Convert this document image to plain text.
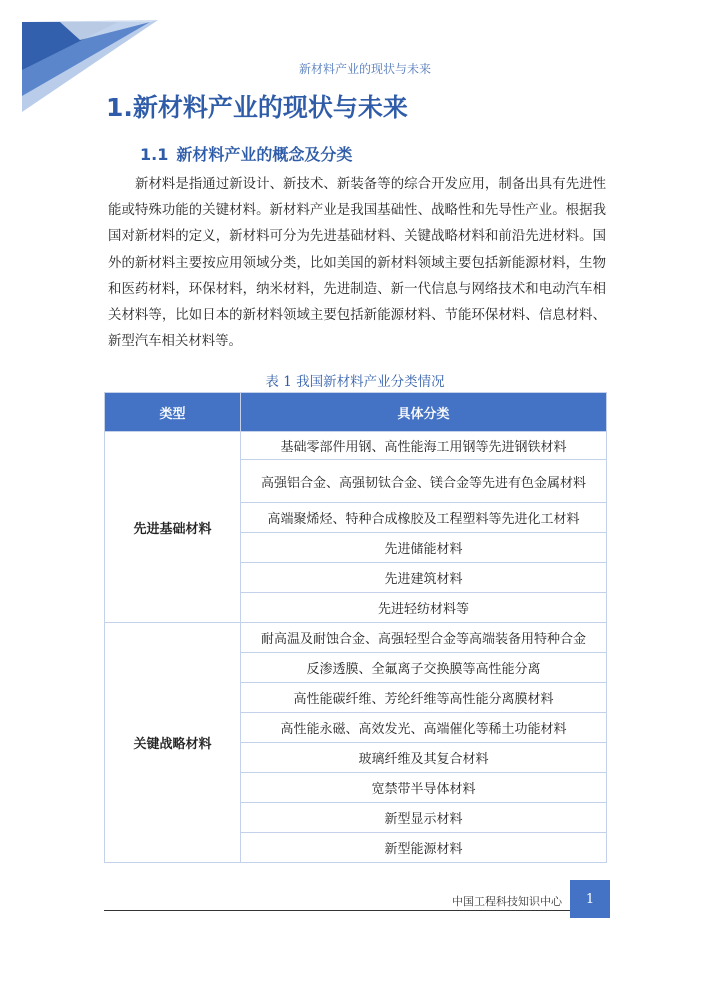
新材料产业的现状与未来
1.新材料产业的现状与未来
1.1 新材料产业的概念及分类

新材料是指通过新设计、新技术、新装备等的综合开发应用，制备出具有先进性能或特殊功能的关键材料。新材料产业是我国基础性、战略性和先导性产业。根据我国对新材料的定义，新材料可分为先进基础材料、关键战略材料和前沿先进材料。国外的新材料主要按应用领域分类，比如美国的新材料领域主要包括新能源材料，生物和医药材料，环保材料，纳米材料，先进制造、新一代信息与网络技术和电动汽车相关材料等，比如日本的新材料领域主要包括新能源材料、节能环保材料、信息材料、新型汽车相关材料等。

表 1 我国新材料产业分类情况
类型	具体分类
先进基础材料	基础零部件用钢、高性能海工用钢等先进钢铁材料
	高强铝合金、高强韧钛合金、镁合金等先进有色金属材料
	高端聚烯烃、特种合成橡胶及工程塑料等先进化工材料
	先进储能材料
	先进建筑材料
	先进轻纺材料等
关键战略材料	耐高温及耐蚀合金、高强轻型合金等高端装备用特种合金
	反渗透膜、全氟离子交换膜等高性能分离
	高性能碳纤维、芳纶纤维等高性能分离膜材料
	高性能永磁、高效发光、高端催化等稀土功能材料
	玻璃纤维及其复合材料
	宽禁带半导体材料
	新型显示材料
	新型能源材料
中国工程科技知识中心	1
